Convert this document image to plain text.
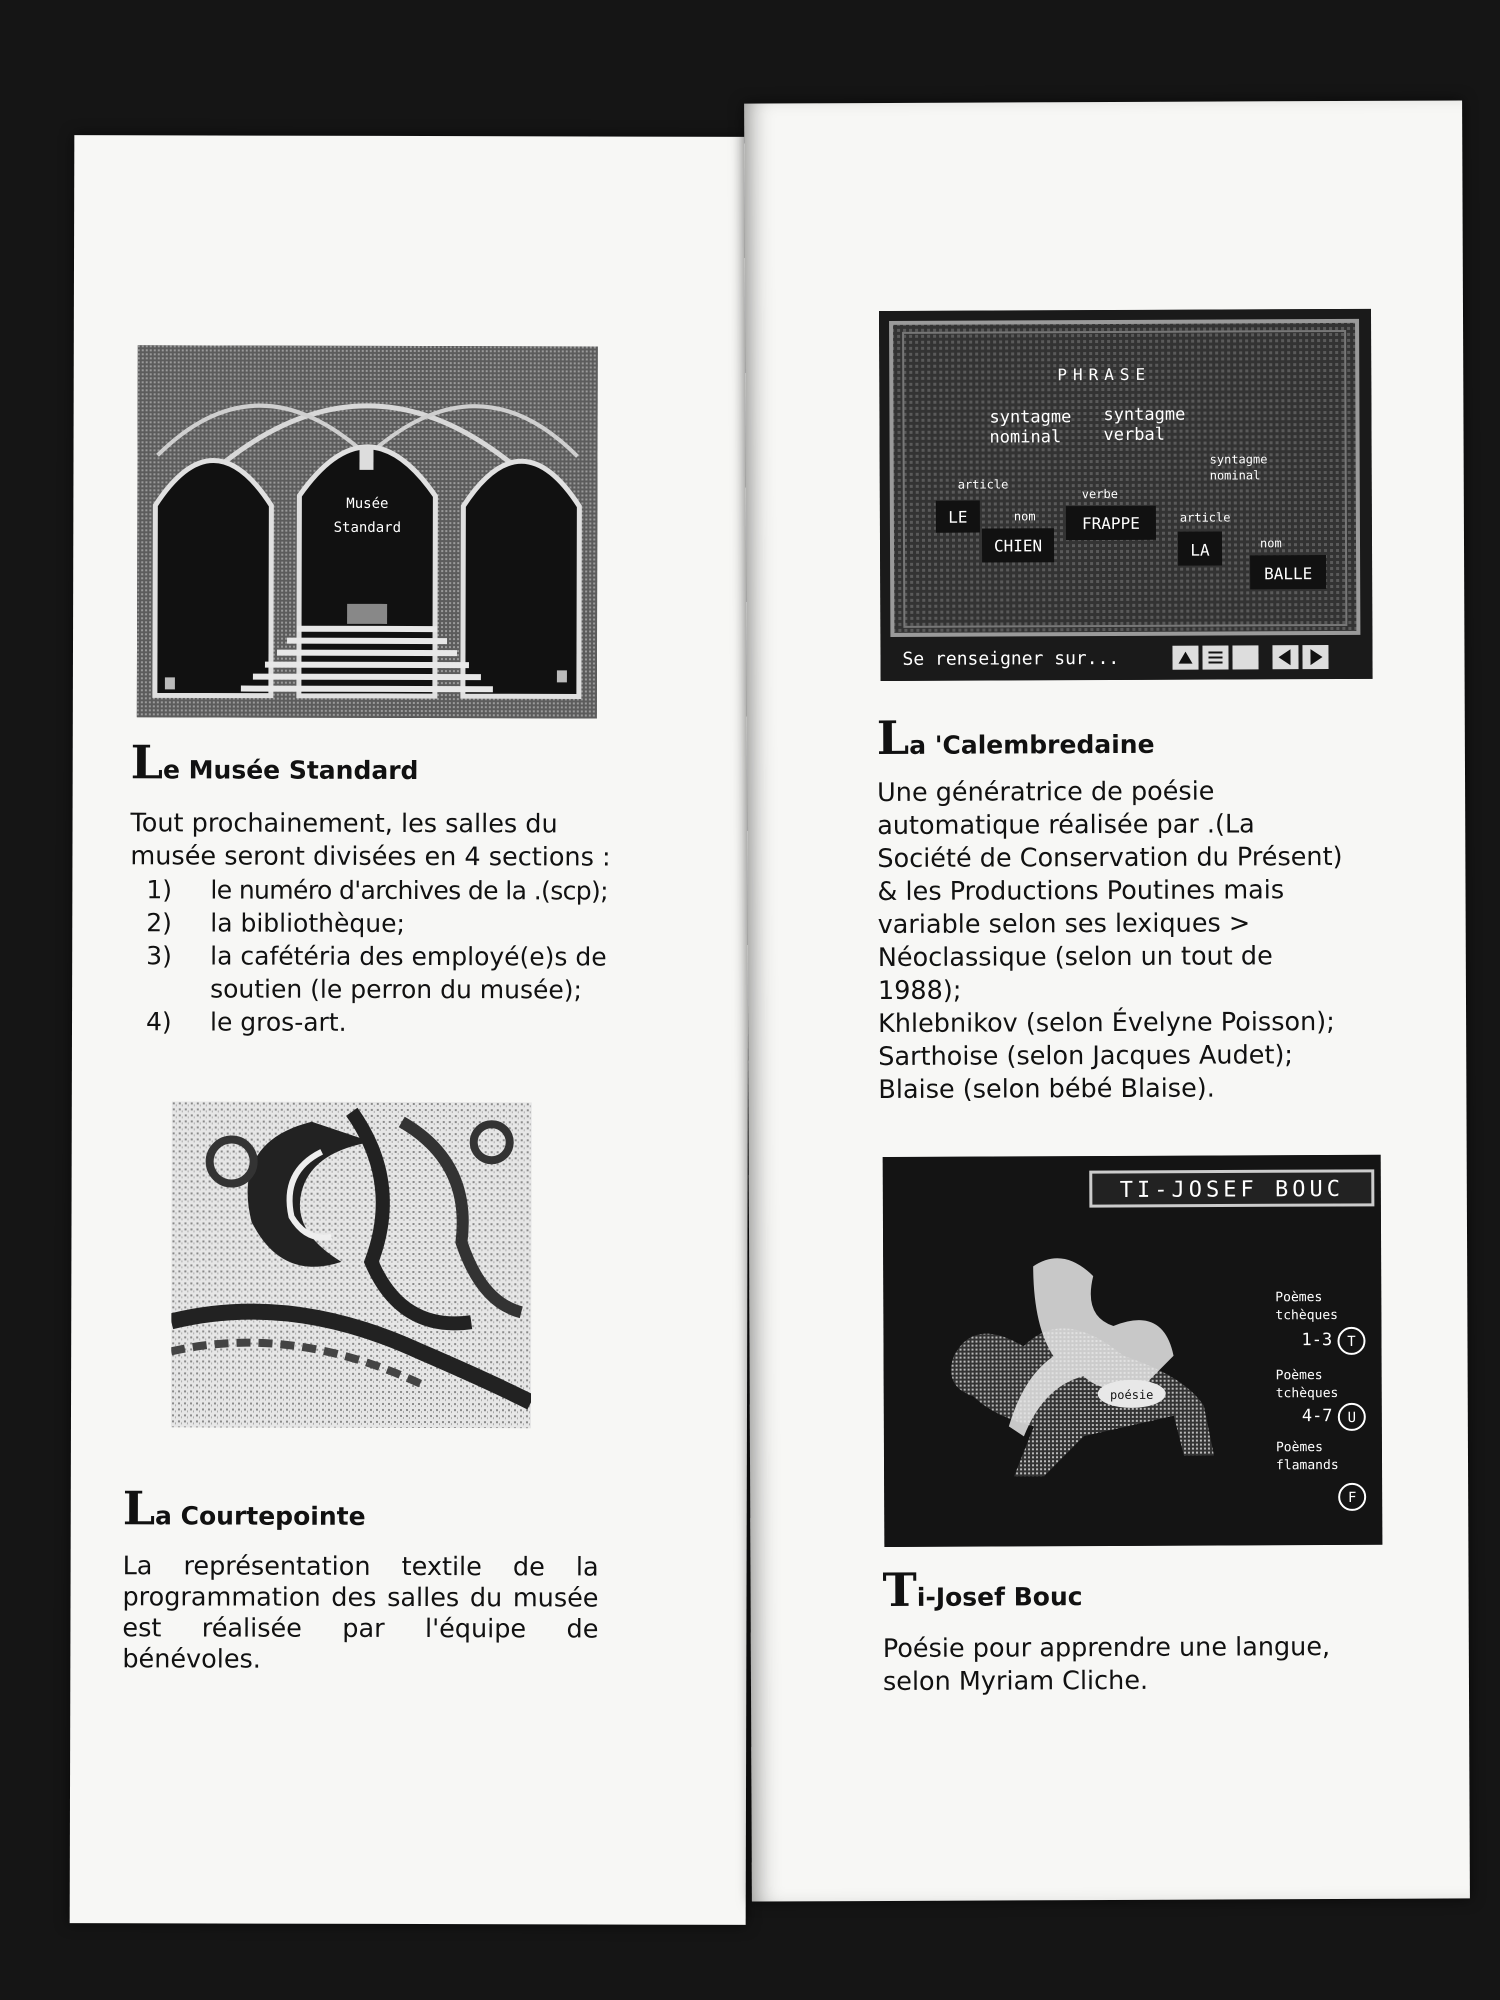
Musée
Standard
Le Musée Standard

Tout prochainement, les salles du

musée seront divisées en 4 sections :

1)	le numéro d'archives de la .(scp);
2)	la bibliothèque;
3)	la cafétéria des employé(e)s de soutien (le perron du musée);
4)	le gros-art.
La Courtepointe

La représentation textile de la programmation des salles du musée est réalisée par l'équipe de bénévoles.

PHRASE
syntagme
nominal
syntagme
verbal
syntagme
nominal
article
LE	nom
CHIEN
verbe
FRAPPE	article
LA	nom
BALLE
Se renseigner sur...
La 'Calembredaine

Une génératrice de poésie

automatique réalisée par .(La

Société de Conservation du Présent)

& les Productions Poutines mais

variable selon ses lexiques >

Néoclassique (selon un tout de

1988);

Khlebnikov (selon Évelyne Poisson);

Sarthoise (selon Jacques Audet);

Blaise (selon bébé Blaise).

TI-JOSEF BOUC
poésie
Poèmes
tchèques
1-3 T
Poèmes
tchèques
4-7 U
Poèmes
flamands
F
Ti-Josef Bouc

Poésie pour apprendre une langue,

selon Myriam Cliche.
